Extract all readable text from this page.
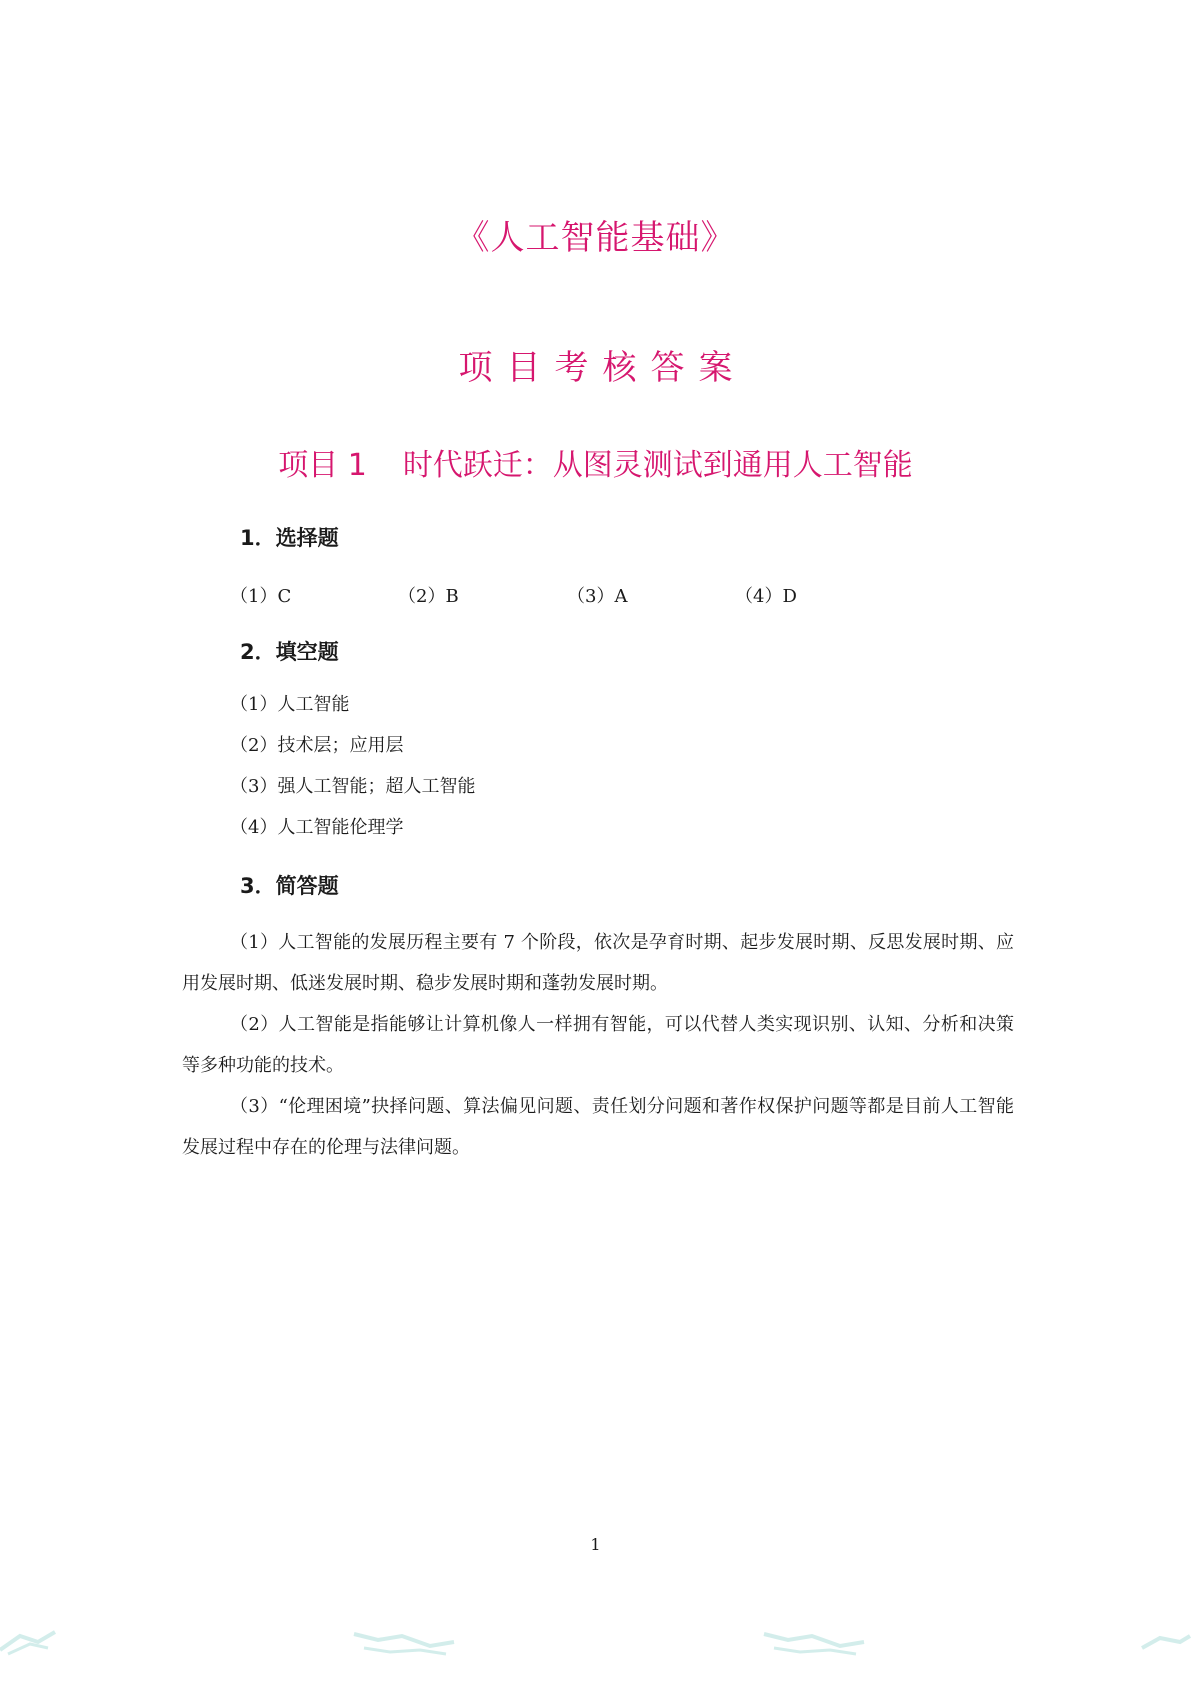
《人工智能基础》
项目考核答案
项目 1 时代跃迁：从图灵测试到通用人工智能
1．选择题
（1）C	（2）B	（3）A	（4）D
2．填空题
（1）人工智能
（2）技术层；应用层
（3）强人工智能；超人工智能
（4）人工智能伦理学
3．简答题

（1）人工智能的发展历程主要有 7 个阶段，依次是孕育时期、起步发展时期、反思发展时期、应用发展时期、低迷发展时期、稳步发展时期和蓬勃发展时期。

（2）人工智能是指能够让计算机像人一样拥有智能，可以代替人类实现识别、认知、分析和决策等多种功能的技术。

（3）“伦理困境”抉择问题、算法偏见问题、责任划分问题和著作权保护问题等都是目前人工智能发展过程中存在的伦理与法律问题。

1
